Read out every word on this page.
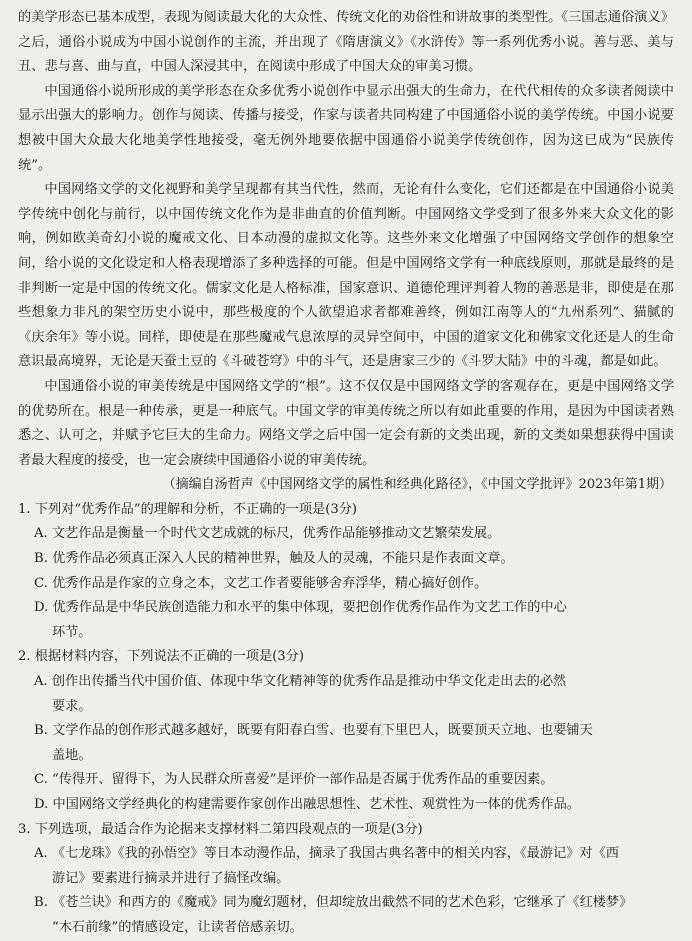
的美学形态已基本成型，表现为阅读最大化的大众性、传统文化的劝俗性和讲故事的类型性。《三国志通俗演义》之后，通俗小说成为中国小说创作的主流，并出现了《隋唐演义》《水浒传》等一系列优秀小说。善与恶、美与丑、悲与喜、曲与直，中国人深浸其中，在阅读中形成了中国大众的审美习惯。

中国通俗小说所形成的美学形态在众多优秀小说创作中显示出强大的生命力，在代代相传的众多读者阅读中显示出强大的影响力。创作与阅读、传播与接受，作家与读者共同构建了中国通俗小说的美学传统。中国小说要想被中国大众最大化地美学性地接受，毫无例外地要依据中国通俗小说美学传统创作，因为这已成为“民族传统”。

中国网络文学的文化视野和美学呈现都有其当代性，然而，无论有什么变化，它们还都是在中国通俗小说美学传统中创化与前行，以中国传统文化作为是非曲直的价值判断。中国网络文学受到了很多外来大众文化的影响，例如欧美奇幻小说的魔戒文化、日本动漫的虚拟文化等。这些外来文化增强了中国网络文学创作的想象空间，给小说的文化设定和人格表现增添了多种选择的可能。但是中国网络文学有一种底线原则，那就是最终的是非判断一定是中国的传统文化。儒家文化是人格标准，国家意识、道德伦理评判着人物的善恶是非，即使是在那些想象力非凡的架空历史小说中，那些极度的个人欲望追求者都难善终，例如江南等人的“九州系列”、猫腻的《庆余年》等小说。同样，即使是在那些魔戒气息浓厚的灵异空间中，中国的道家文化和佛家文化还是人的生命意识最高境界，无论是天蚕土豆的《斗破苍穹》中的斗气，还是唐家三少的《斗罗大陆》中的斗魂，都是如此。

中国通俗小说的审美传统是中国网络文学的“根”。这不仅仅是中国网络文学的客观存在，更是中国网络文学的优势所在。根是一种传承，更是一种底气。中国文学的审美传统之所以有如此重要的作用，是因为中国读者熟悉之、认可之，并赋予它巨大的生命力。网络文学之后中国一定会有新的文类出现，新的文类如果想获得中国读者最大程度的接受，也一定会赓续中国通俗小说的审美传统。

（摘编自汤哲声《中国网络文学的属性和经典化路径》，《中国文学批评》2023年第1期）

1. 下列对“优秀作品”的理解和分析，不正确的一项是(3分)

A. 文艺作品是衡量一个时代文艺成就的标尺，优秀作品能够推动文艺繁荣发展。

B. 优秀作品必须真正深入人民的精神世界，触及人的灵魂，不能只是作表面文章。

C. 优秀作品是作家的立身之本，文艺工作者要能够舍弃浮华，精心搞好创作。

D. 优秀作品是中华民族创造能力和水平的集中体现，要把创作优秀作品作为文艺工作的中心

环节。

2. 根据材料内容，下列说法不正确的一项是(3分)

A. 创作出传播当代中国价值、体现中华文化精神等的优秀作品是推动中华文化走出去的必然

要求。

B. 文学作品的创作形式越多越好，既要有阳春白雪、也要有下里巴人，既要顶天立地、也要铺天

盖地。

C. “传得开、留得下，为人民群众所喜爱”是评价一部作品是否属于优秀作品的重要因素。

D. 中国网络文学经典化的构建需要作家创作出融思想性、艺术性、观赏性为一体的优秀作品。

3. 下列选项，最适合作为论据来支撑材料二第四段观点的一项是(3分)

A. 《七龙珠》《我的孙悟空》等日本动漫作品，摘录了我国古典名著中的相关内容，《最游记》对《西

游记》要素进行摘录并进行了搞怪改编。

B. 《苍兰诀》和西方的《魔戒》同为魔幻题材，但却绽放出截然不同的艺术色彩，它继承了《红楼梦》

“木石前缘”的情感设定，让读者倍感亲切。
